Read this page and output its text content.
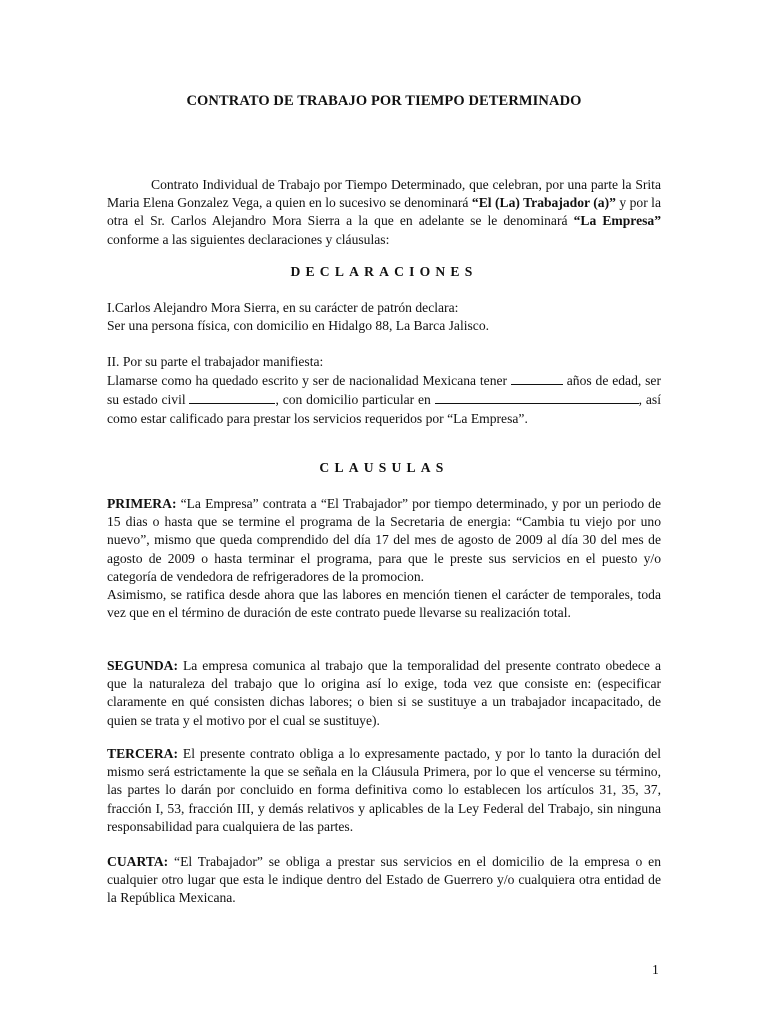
CONTRATO DE TRABAJO POR TIEMPO DETERMINADO

Contrato Individual de Trabajo por Tiempo Determinado, que celebran, por una parte la Srita Maria Elena Gonzalez Vega, a quien en lo sucesivo se denominará “El (La) Trabajador (a)” y por la otra el Sr. Carlos Alejandro Mora Sierra a la que en adelante se le denominará “La Empresa” conforme a las siguientes declaraciones y cláusulas:

DECLARACIONES

I.Carlos Alejandro Mora Sierra, en su carácter de patrón declara:

Ser una persona física, con domicilio en Hidalgo 88, La Barca Jalisco.

II. Por su parte el trabajador manifiesta:

Llamarse como ha quedado escrito y ser de nacionalidad Mexicana tener	años de edad, ser su estado civil	, con domicilio particular en	, así como estar calificado para prestar los servicios requeridos por “La Empresa”.

CLAUSULAS

PRIMERA: “La Empresa” contrata a “El Trabajador” por tiempo determinado, y por un periodo de 15 dias o hasta que se termine el programa de la Secretaria de energia: “Cambia tu viejo por uno nuevo”, mismo que queda comprendido del día 17 del mes de agosto de 2009 al día 30 del mes de agosto de 2009 o hasta terminar el programa, para que le preste sus servicios en el puesto y/o categoría de vendedora de refrigeradores de la promocion.

Asimismo, se ratifica desde ahora que las labores en mención tienen el carácter de temporales, toda vez que en el término de duración de este contrato puede llevarse su realización total.

SEGUNDA: La empresa comunica al trabajo que la temporalidad del presente contrato obedece a que la naturaleza del trabajo que lo origina así lo exige, toda vez que consiste en: (especificar claramente en qué consisten dichas labores; o bien si se sustituye a un trabajador incapacitado, de quien se trata y el motivo por el cual se sustituye).

TERCERA: El presente contrato obliga a lo expresamente pactado, y por lo tanto la duración del mismo será estrictamente la que se señala en la Cláusula Primera, por lo que el vencerse su término, las partes lo darán por concluido en forma definitiva como lo establecen los artículos 31, 35, 37, fracción I, 53, fracción III, y demás relativos y aplicables de la Ley Federal del Trabajo, sin ninguna responsabilidad para cualquiera de las partes.

CUARTA: “El Trabajador” se obliga a prestar sus servicios en el domicilio de la empresa o en cualquier otro lugar que esta le indique dentro del Estado de Guerrero y/o cualquiera otra entidad de la República Mexicana.

1
